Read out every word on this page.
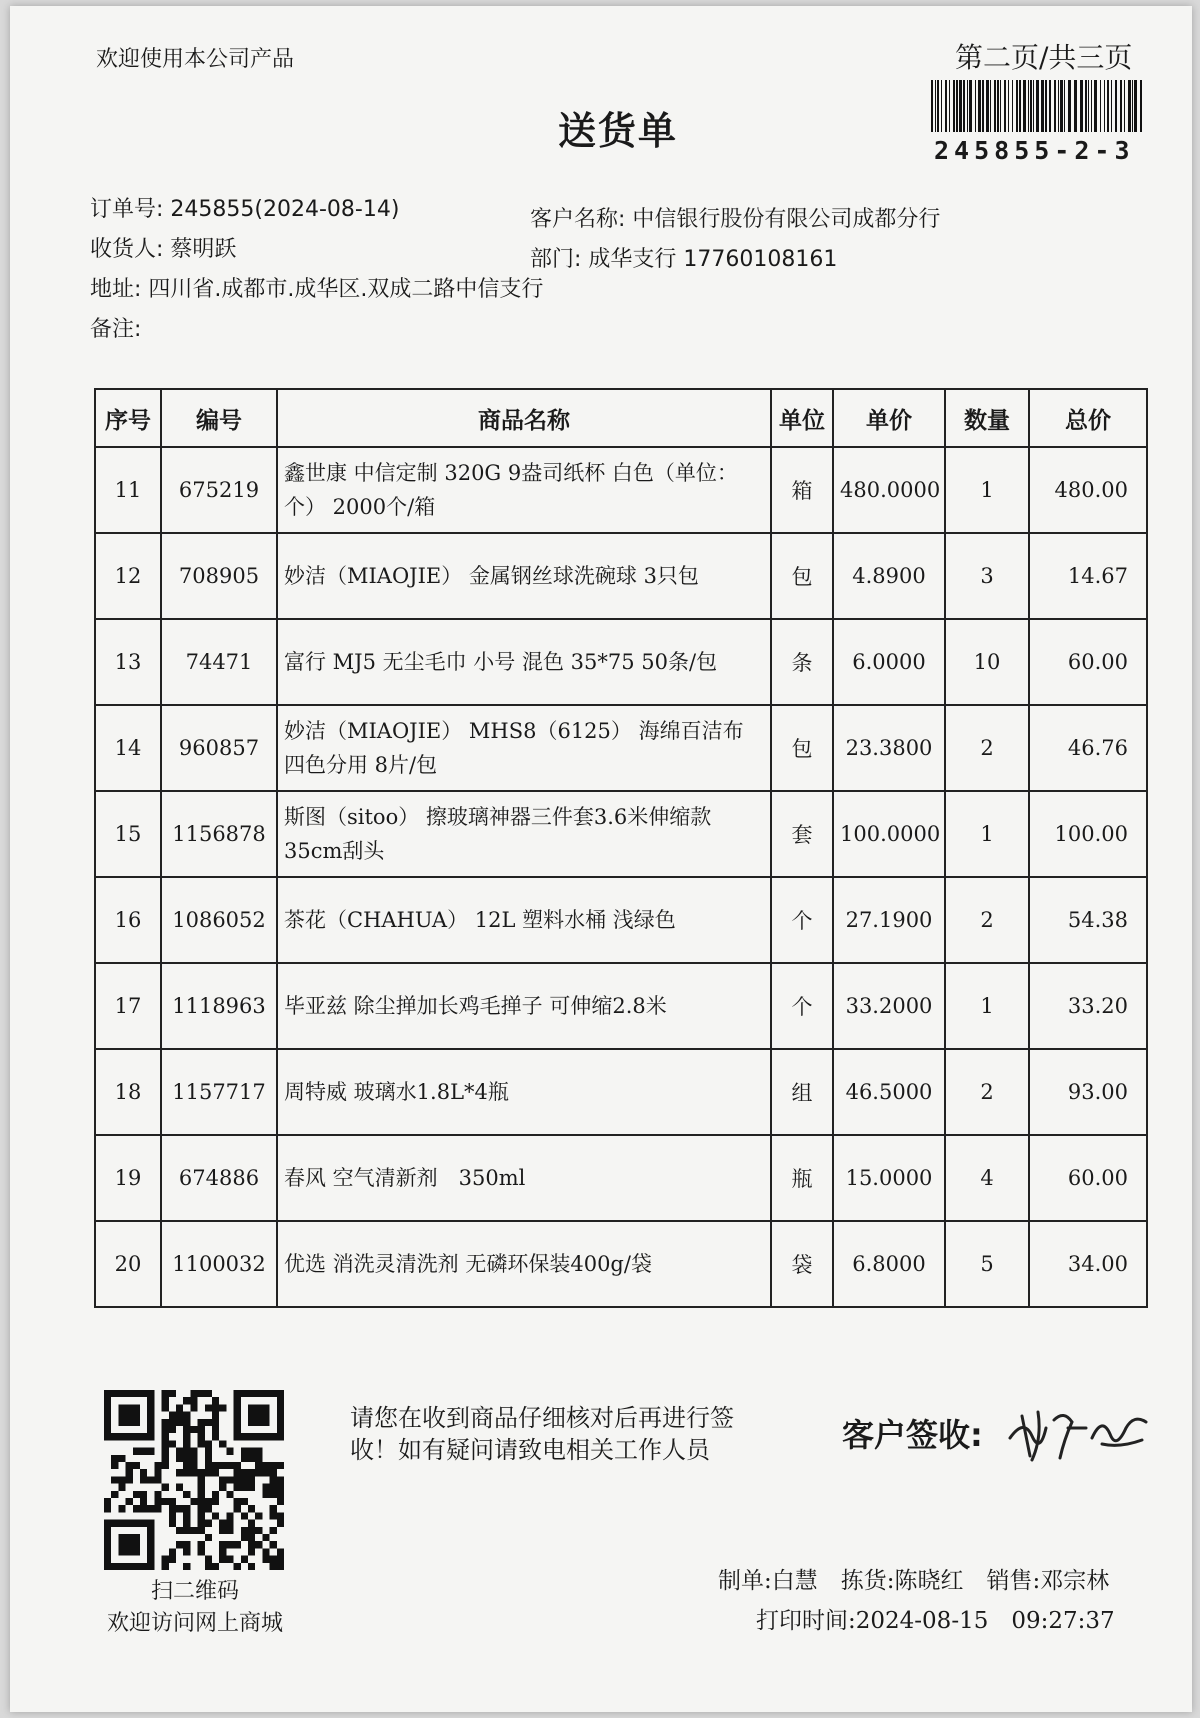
欢迎使用本公司产品	第二页/共三页
送货单	245855-2-3
订单号: 245855(2024-08-14)
收货人: 蔡明跃
地址: 四川省.成都市.成华区.双成二路中信支行
备注:
客户名称: 中信银行股份有限公司成都分行
部门: 成华支行 17760108161
序号	编号	商品名称	单位	单价	数量	总价
11	675219	鑫世康 中信定制 320G 9盎司纸杯 白色（单位：个） 2000个/箱	箱	480.0000	1	480.00
12	708905	妙洁（MIAOJIE） 金属钢丝球洗碗球 3只包	包	4.8900	3	14.67
13	74471	富行 MJ5 无尘毛巾 小号 混色 35*75 50条/包	条	6.0000	10	60.00
14	960857	妙洁（MIAOJIE） MHS8（6125） 海绵百洁布四色分用 8片/包	包	23.3800	2	46.76
15	1156878	斯图（sitoo） 擦玻璃神器三件套3.6米伸缩款35cm刮头	套	100.0000	1	100.00
16	1086052	茶花（CHAHUA） 12L 塑料水桶 浅绿色	个	27.1900	2	54.38
17	1118963	毕亚兹 除尘掸加长鸡毛掸子 可伸缩2.8米	个	33.2000	1	33.20
18	1157717	周特威 玻璃水1.8L*4瓶	组	46.5000	2	93.00
19	674886	春风 空气清新剂　350ml	瓶	15.0000	4	60.00
20	1100032	优选 消洗灵清洗剂 无磷环保装400g/袋	袋	6.8000	5	34.00
扫二维码
欢迎访问网上商城
请您在收到商品仔细核对后再进行签收！如有疑问请致电相关工作人员	客户签收:
制单:白慧　拣货:陈晓红　销售:邓宗林
打印时间:2024-08-15　09:27:37
